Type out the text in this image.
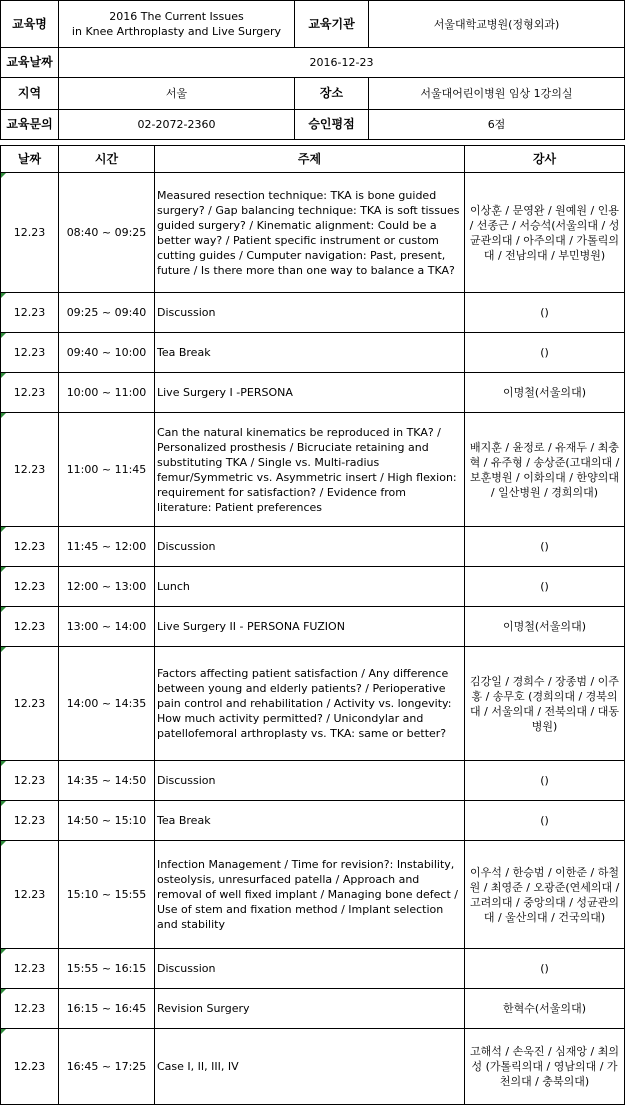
교육명	2016 The Current Issues
in Knee Arthroplasty and Live Surgery	교육기관	서울대학교병원(정형외과)
교육날짜	2016-12-23		
지역	서울	장소	서울대어린이병원 임상 1강의실
교육문의	02-2072-2360	승인평점	6점
날짜	시간	주제	강사

12.23	08:40 ~ 09:25	Measured resection technique: TKA is bone guided surgery? / Gap balancing technique: TKA is soft tissues guided surgery? / Kinematic alignment: Could be a better way? / Patient specific instrument or custom cutting guides / Cumputer navigation: Past, present, future / Is there more than one way to balance a TKA?	이상훈 / 문영완 / 원예원 / 인용 / 선종근 / 서승석(서울의대 / 성균관의대 / 아주의대 / 가톨릭의대 / 전남의대 / 부민병원)

12.23	09:25 ~ 09:40	Discussion	()

12.23	09:40 ~ 10:00	Tea Break	()

12.23	10:00 ~ 11:00	Live Surgery I -PERSONA	이명철(서울의대)

12.23	11:00 ~ 11:45	Can the natural kinematics be reproduced in TKA? / Personalized prosthesis / Bicruciate retaining and substituting TKA / Single vs. Multi-radius femur/Symmetric vs. Asymmetric insert / High flexion: requirement for satisfaction? / Evidence from literature: Patient preferences	배지훈 / 윤정로 / 유재두 / 최충혁 / 유주형 / 송상준(고대의대 / 보훈병원 / 이화의대 / 한양의대 / 일산병원 / 경희의대)

12.23	11:45 ~ 12:00	Discussion	()

12.23	12:00 ~ 13:00	Lunch	()

12.23	13:00 ~ 14:00	Live Surgery II - PERSONA FUZION	이명철(서울의대)

12.23	14:00 ~ 14:35	Factors affecting patient satisfaction / Any difference between young and elderly patients? / Perioperative pain control and rehabilitation / Activity vs. longevity: How much activity permitted? / Unicondylar and patellofemoral arthroplasty vs. TKA: same or better?	김강일 / 경희수 / 장종범 / 이주홍 / 송무호 (경희의대 / 경북의대 / 서울의대 / 전북의대 / 대동병원)

12.23	14:35 ~ 14:50	Discussion	()

12.23	14:50 ~ 15:10	Tea Break	()

12.23	15:10 ~ 15:55	Infection Management / Time for revision?: Instability, osteolysis, unresurfaced patella / Approach and removal of well fixed implant / Managing bone defect / Use of stem and fixation method / Implant selection and stability	이우석 / 한승범 / 이한준 / 하철원 / 최영준 / 오광준(연세의대 / 고려의대 / 중앙의대 / 성균관의대 / 울산의대 / 건국의대)

12.23	15:55 ~ 16:15	Discussion	()

12.23	16:15 ~ 16:45	Revision Surgery	한혁수(서울의대)

12.23	16:45 ~ 17:25	Case I, II, III, IV	고해석 / 손욱진 / 심재앙 / 최의성 (가톨릭의대 / 영남의대 / 가천의대 / 충북의대)
